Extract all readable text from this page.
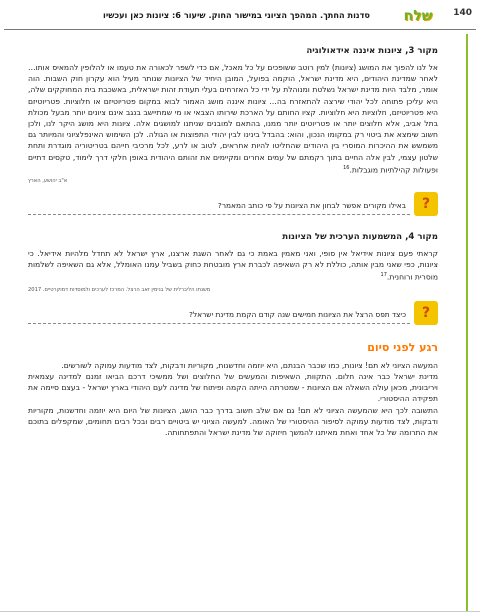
140
שלח
סדנות החתך. המהפך הציוני במישור החוק. שיעור 6: ציונות כאן ועכשיו
מקור 3, ציונות איננה אידאולוגיה

אל לנו להפוך את המושג (ציונות) למין רוטב ששופכים על כל מאכל, אם כדי לשפר לכאורה את טעמו או להלופין להמאיס אותו… לאחר שמדינת היהודים, היא מדינת ישראל, הוקמה בפועל, המובן היחיד של הציונות שנותר מעיל הוא עקרון חוק השבות. הוה אומר, מלבד היות מדינת ישראל נשלטת ומנוהלת על ידי כל האזרחים בעלי תעודת זהות ישראלית, באשכבת בית המחוקקים שלה, היא עליכן פתוחה לכל יהודי שירצה להתאזרח בה… ציונות איננה מושג האמור לבוא במקום פטריוטיזם או חלוציות. פטריוטיזם היא פטריוטיזם, חלוציות היא חלוציות. קציו החותם על הארכת שירותו הצבאי או מי שמתיישב בנגב אינם ציונים יותר מבעל מכולת בתל אביב, אלא חלוצים יותר או פטריוטים יותר ממנו, בהתאם למובנים שניתנו למושגים אלה. ציונות היא מושג היקר לנו, ולכן חשוב שימצא את ביטוי רק במקומו הנכון, והוא: בהבדל בינינו לבין יהודי התפוצות או הגולה. לכן השימוש האינפלציוני והמיותר גם משמשש את ההיכרות המוסרי בין היהודים שהחליטו להיות אחראים, לטוב או לרע, לכל מרכיבי חייהם בטריטוריה מוגדרת ותחת שלטון עצמי, לבין אלה החיים בתוך רקמתם של עמים אחרים ומקיימים את זהותם היהודית באופן חלקי דרך לימוד, טקסים דתיים ופעולות קהילתיות מוגבלות.$^{16}$

א"ב יהושע, הארץ
?
באילו מקורים אפשר לבחון את הציונות על פי כותב המאמר?
מקור 4, המשמעות הערכית של הציונות

קראתי פעם ציונות אידיאל אין סופי, ואני מאמין באמת כי גם לאחר השגת ארצנו, ארץ ישראל לא תחדל מלהיות אידיאל. כי ציונות, כפי שאני מבין אותה, כוללת לא רק השאיפה לכברת ארץ מובטחת כחוק בשביל עמנו האומלל, אלא גם השאיפה לשלמות מוסרית ורוחנית.$^{17}$

משנתו הליברלית של בנימין זאב הרצל. המרכז לערכים ולמוסדות דמוקרטיים. 2017
?
כיצד תפס הרצל את הציונות חמישים שנה קודם הקמת מדינת ישראל?
רגע לפני סיום

המעשה הציוני לא תם! ציונות, כמו שכבר הבנתם, היא יוזמה וחדשנות, מקוריות ודבקות, לצד מודעות עמוקה לשורשים.

מדינת ישראל כבר אינה חלום. התקוות, השאיפות והמעשים של החלוצים ושל ממשיכי דרכם הביאו זמנם למדינה עצמאית ויריבונית, מכאן עולה השאלה אם הציונות - שמטרתה הייתה הקמה ופיתוח של מדינה לעם היהודי בארץ ישראל - בעצם סיימה את תפקידה ההיסטורי.

התשובה לכך היא שהמעשה הציוני לא תם! גם אם שלב חשוב בדרך כבר הושג, הציונות של היום היא יוזמה וחדשנות, מקוריות ודבקות, לצד מודעות עמוקה לסיפור ההיסטורי של האומה. למעשה הציוני יש ביטויים רבים ובכל רבים תחומים, שמקפלים בתוכם את התרומה של כל אחד ואחת מאיתנו להמשך חיזוקה של מדינת ישראל והתפתחותה.
